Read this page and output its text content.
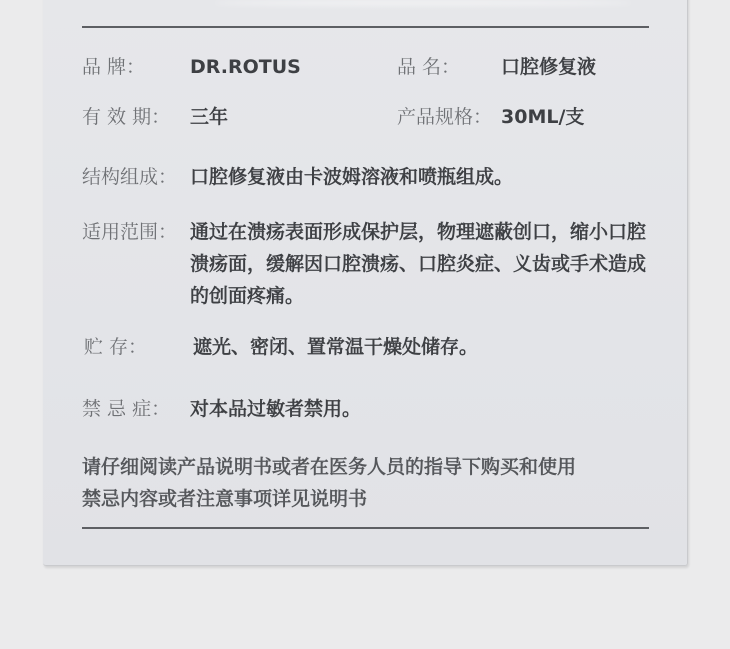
品 牌： DR.ROTUS	品 名： 口腔修复液
有 效 期： 三年	产品规格： 30ML/支
结构组成： 口腔修复液由卡波姆溶液和喷瓶组成。
适用范围： 通过在溃疡表面形成保护层，物理遮蔽创口，缩小口腔溃疡面，缓解因口腔溃疡、口腔炎症、义齿或手术造成的创面疼痛。
贮 存： 遮光、密闭、置常温干燥处储存。
禁 忌 症： 对本品过敏者禁用。
请仔细阅读产品说明书或者在医务人员的指导下购买和使用
禁忌内容或者注意事项详见说明书
